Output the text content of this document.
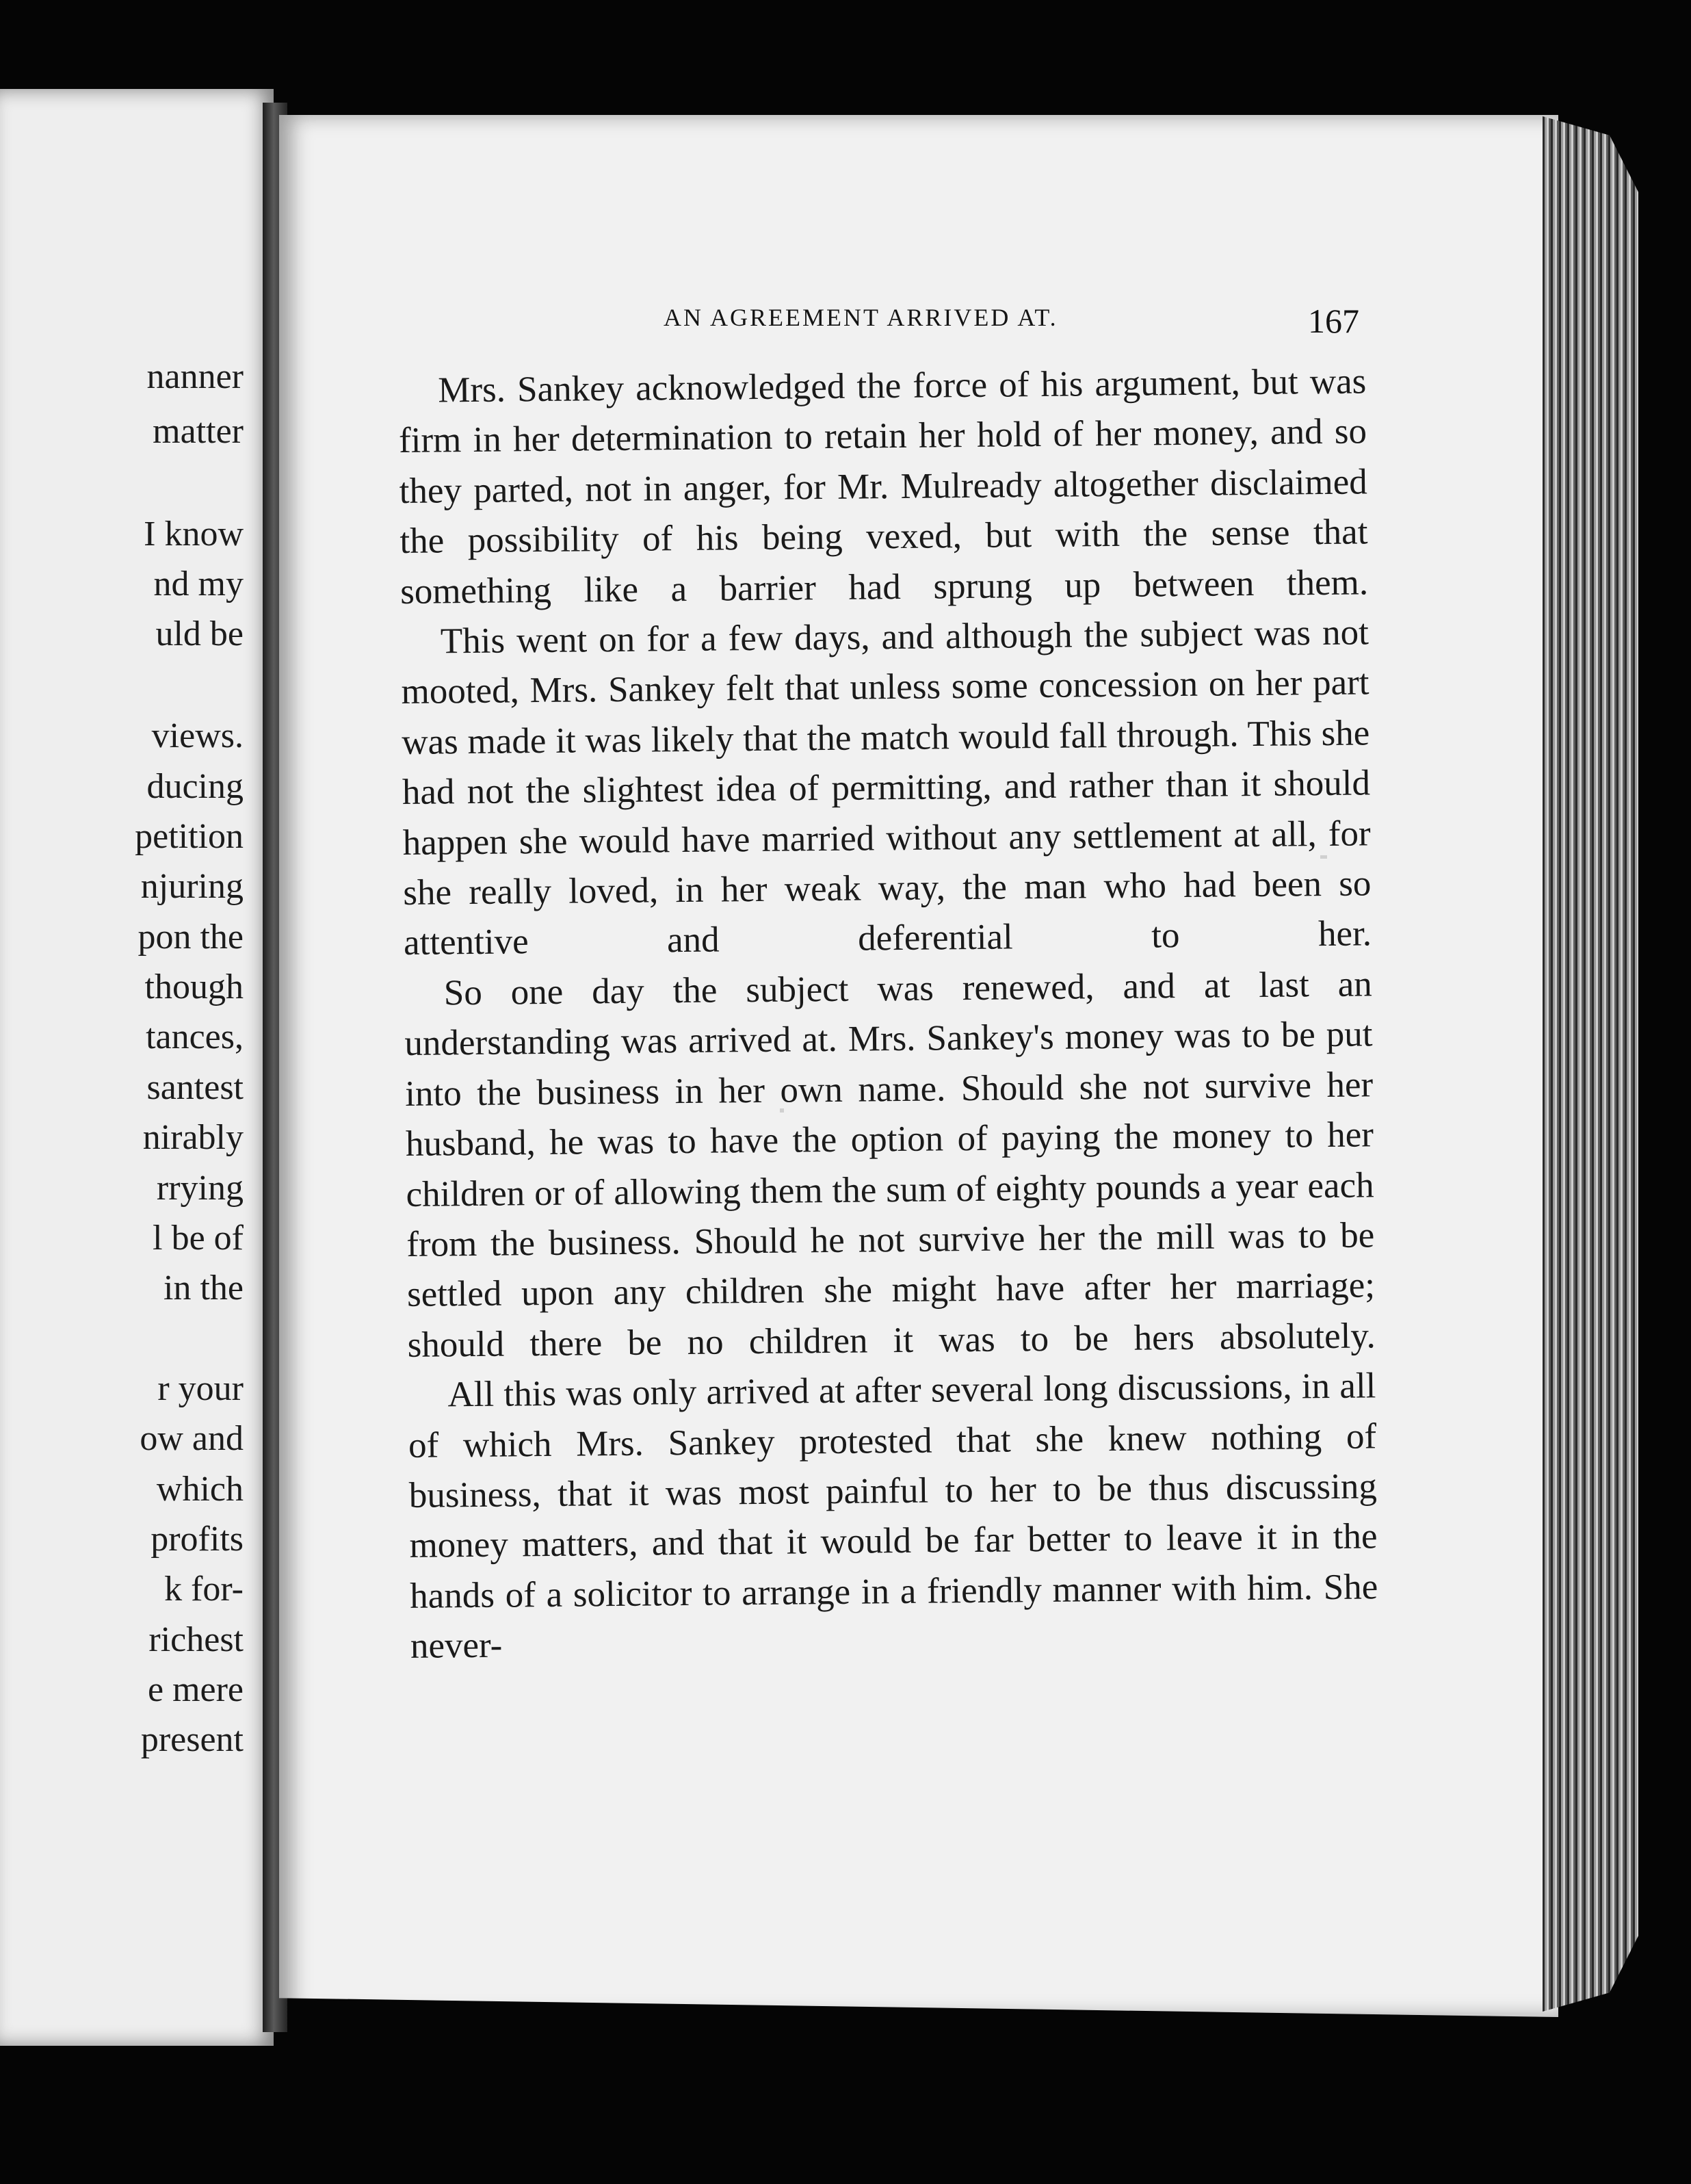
nanner
matter
I know
nd my
uld be
views.
ducing
petition
njuring
pon the
though
tances,
santest
nirably
rrying
l be of
in the
r your
ow and
which
profits
k for-
richest
e mere
present
AN AGREEMENT ARRIVED AT.	167

Mrs. Sankey acknowledged the force of his argument, but was firm in her determination to retain her hold of her money, and so they parted, not in anger, for Mr. Mulready altogether disclaimed the possibility of his being vexed, but with the sense that something like a barrier had sprung up between them.

This went on for a few days, and although the subject was not mooted, Mrs. Sankey felt that unless some concession on her part was made it was likely that the match would fall through. This she had not the slightest idea of permitting, and rather than it should happen she would have married without any settlement at all, for she really loved, in her weak way, the man who had been so attentive and deferential to her.

So one day the subject was renewed, and at last an understanding was arrived at. Mrs. Sankey's money was to be put into the business in her own name. Should she not survive her husband, he was to have the option of paying the money to her children or of allowing them the sum of eighty pounds a year each from the business. Should he not survive her the mill was to be settled upon any children she might have after her marriage; should there be no children it was to be hers absolutely.

All this was only arrived at after several long discussions, in all of which Mrs. Sankey protested that she knew nothing of business, that it was most painful to her to be thus discussing money matters, and that it would be far better to leave it in the hands of a solicitor to arrange in a friendly manner with him. She never-
